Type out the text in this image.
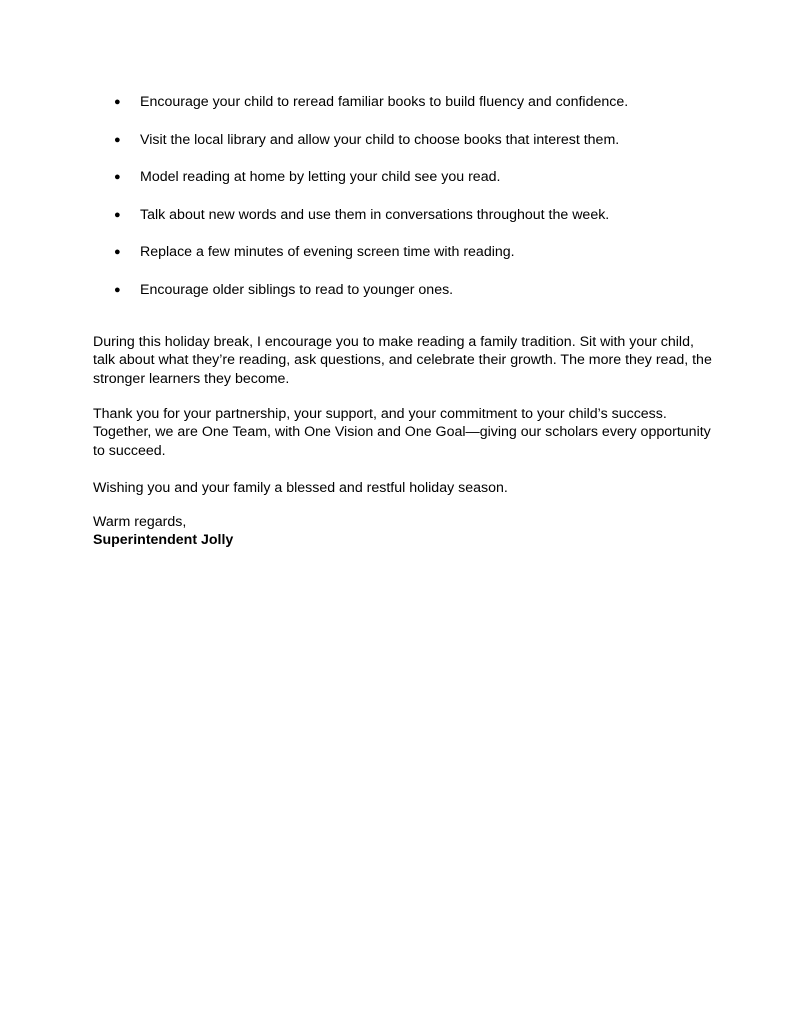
● Encourage your child to reread familiar books to build fluency and confidence.
● Visit the local library and allow your child to choose books that interest them.
● Model reading at home by letting your child see you read.
● Talk about new words and use them in conversations throughout the week.
● Replace a few minutes of evening screen time with reading.
● Encourage older siblings to read to younger ones.

During this holiday break, I encourage you to make reading a family tradition. Sit with your child, talk about what they’re reading, ask questions, and celebrate their growth. The more they read, the stronger learners they become.

Thank you for your partnership, your support, and your commitment to your child’s success. Together, we are One Team, with One Vision and One Goal—giving our scholars every opportunity to succeed.

Wishing you and your family a blessed and restful holiday season.

Warm regards,
Superintendent Jolly
